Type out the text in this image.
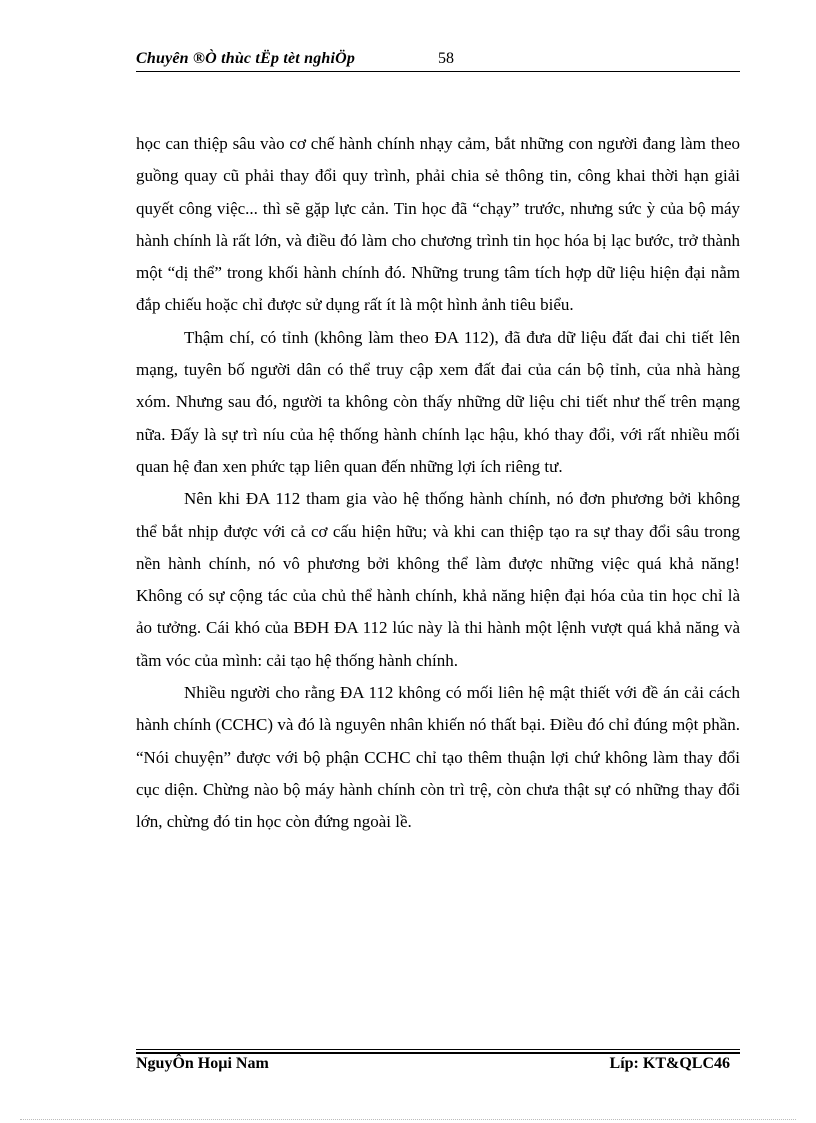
Chuyên ®Ò thùc tËp tèt nghiÖp	58

học can thiệp sâu vào cơ chế hành chính nhạy cảm, bắt những con người đang làm theo guồng quay cũ phải thay đổi quy trình, phải chia sẻ thông tin, công khai thời hạn giải quyết công việc... thì sẽ gặp lực cản. Tin học đã “chạy” trước, nhưng sức ỳ của bộ máy hành chính là rất lớn, và điều đó làm cho chương trình tin học hóa bị lạc bước, trở thành một “dị thể” trong khối hành chính đó. Những trung tâm tích hợp dữ liệu hiện đại nằm đắp chiếu hoặc chỉ được sử dụng rất ít là một hình ảnh tiêu biểu.

Thậm chí, có tỉnh (không làm theo ĐA 112), đã đưa dữ liệu đất đai chi tiết lên mạng, tuyên bố người dân có thể truy cập xem đất đai của cán bộ tỉnh, của nhà hàng xóm. Nhưng sau đó, người ta không còn thấy những dữ liệu chi tiết như thế trên mạng nữa. Đấy là sự trì níu của hệ thống hành chính lạc hậu, khó thay đổi, với rất nhiều mối quan hệ đan xen phức tạp liên quan đến những lợi ích riêng tư.

Nên khi ĐA 112 tham gia vào hệ thống hành chính, nó đơn phương bởi không thể bắt nhịp được với cả cơ cấu hiện hữu; và khi can thiệp tạo ra sự thay đổi sâu trong nền hành chính, nó vô phương bởi không thể làm được những việc quá khả năng! Không có sự cộng tác của chủ thể hành chính, khả năng hiện đại hóa của tin học chỉ là ảo tưởng. Cái khó của BĐH ĐA 112 lúc này là thi hành một lệnh vượt quá khả năng và tầm vóc của mình: cải tạo hệ thống hành chính.

Nhiều người cho rằng ĐA 112 không có mối liên hệ mật thiết với đề án cải cách hành chính (CCHC) và đó là nguyên nhân khiến nó thất bại. Điều đó chỉ đúng một phần. “Nói chuyện” được với bộ phận CCHC chỉ tạo thêm thuận lợi chứ không làm thay đổi cục diện. Chừng nào bộ máy hành chính còn trì trệ, còn chưa thật sự có những thay đổi lớn, chừng đó tin học còn đứng ngoài lề.

NguyÔn Hoµi Nam	Líp: KT&QLC46
